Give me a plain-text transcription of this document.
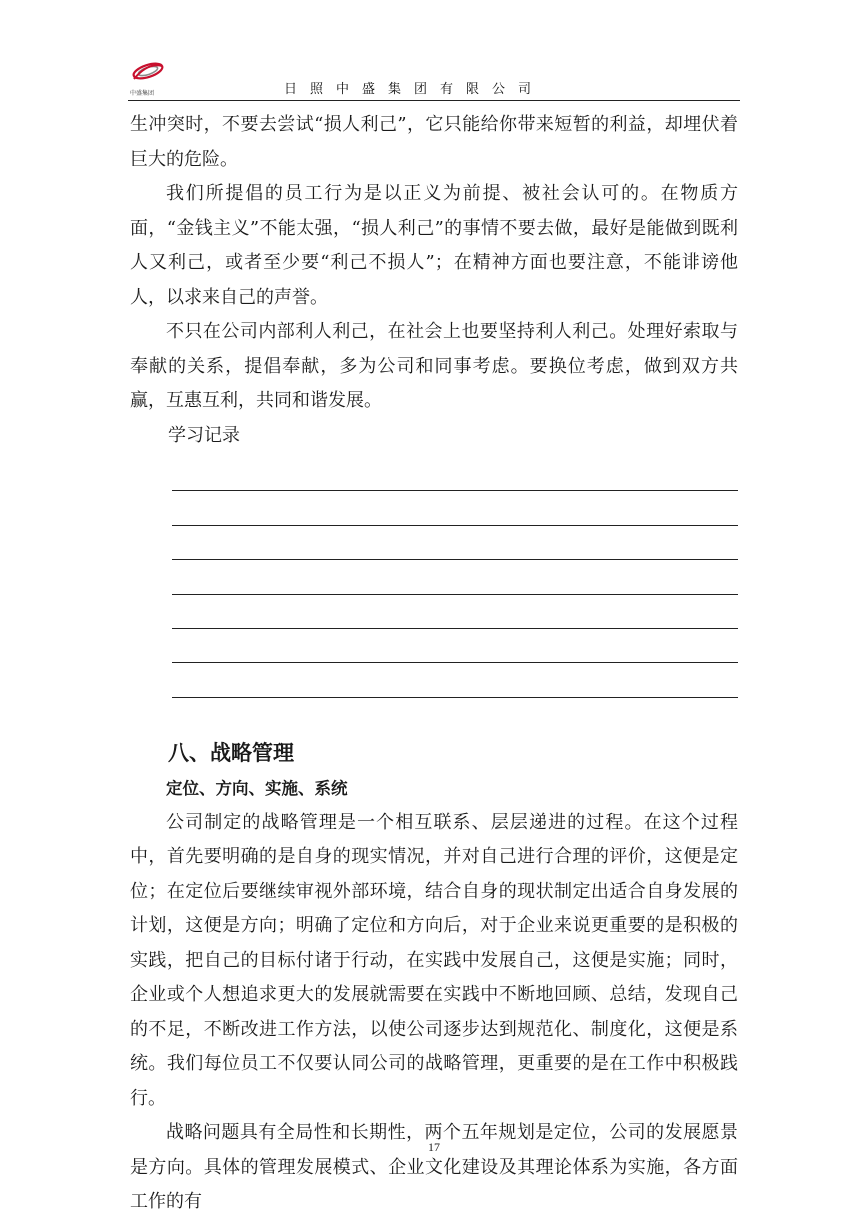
中盛集团	日照中盛集团有限公司

生冲突时，不要去尝试“损人利己”，它只能给你带来短暂的利益，却埋伏着巨大的危险。

我们所提倡的员工行为是以正义为前提、被社会认可的。在物质方面，“金钱主义”不能太强，“损人利己”的事情不要去做，最好是能做到既利人又利己，或者至少要“利己不损人”；在精神方面也要注意，不能诽谤他人，以求来自己的声誉。

不只在公司内部利人利己，在社会上也要坚持利人利己。处理好索取与奉献的关系，提倡奉献，多为公司和同事考虑。要换位考虑，做到双方共赢，互惠互利，共同和谐发展。

学习记录

八、战略管理
定位、方向、实施、系统

公司制定的战略管理是一个相互联系、层层递进的过程。在这个过程中，首先要明确的是自身的现实情况，并对自己进行合理的评价，这便是定位；在定位后要继续审视外部环境，结合自身的现状制定出适合自身发展的计划，这便是方向；明确了定位和方向后，对于企业来说更重要的是积极的实践，把自己的目标付诸于行动，在实践中发展自己，这便是实施；同时，企业或个人想追求更大的发展就需要在实践中不断地回顾、总结，发现自己的不足，不断改进工作方法，以使公司逐步达到规范化、制度化，这便是系统。我们每位员工不仅要认同公司的战略管理，更重要的是在工作中积极践行。

战略问题具有全局性和长期性，两个五年规划是定位，公司的发展愿景是方向。具体的管理发展模式、企业文化建设及其理论体系为实施，各方面工作的有

17
